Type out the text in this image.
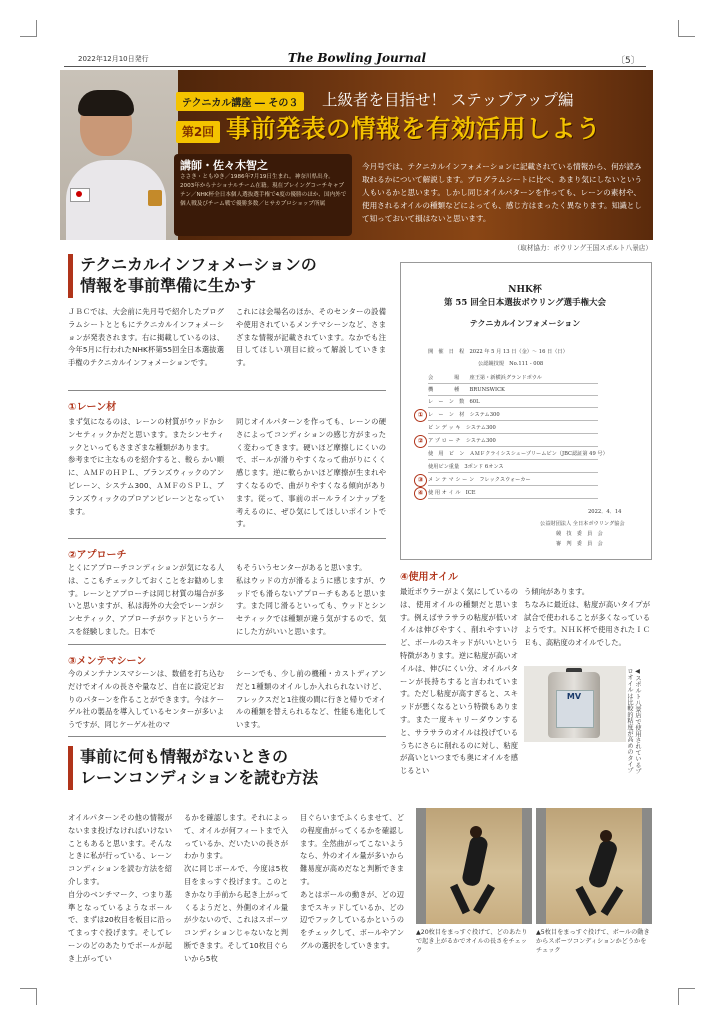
2022年12月10日発行	The Bowling Journal	〔5〕
テクニカル講座 ― その３	上級者を目指せ！ ステップアップ編
第2回 事前発表の情報を有効活用しよう
講師・佐々木智之
ささき・ともゆき／1986年7月19日生まれ。神奈川県出身。2003年からナショナルチーム在籍。現在プレイングコーチキャプテン／NHK杯全日本個人選抜選手権で4度の優勝のほか、国内外で個人戦及びチーム戦で優勝多数／ヒサカプロショップ所属
今月号では、テクニカルインフォメーションに記載されている情報から、何が読み取れるかについて解説します。プログラムシートに比べ、あまり気にしないという人もいるかと思います。しかし同じオイルパターンを作っても、レーンの素材や、使用されるオイルの種類などによっても、感じ方はまったく異なります。知識として知っておいて損はないと思います。
（取材協力：ボウリング王国スポルト八景店）
テクニカルインフォメーションの
情報を事前準備に生かす
ＪＢＣでは、大会前に先月号で紹介したプログラムシートとともにテクニカルインフォメーションが発表されます。右に掲載しているのは、今年5月に行われたNHK杯第55回全日本選抜選手権のテクニカルインフォメーションです。
これには会場名のほか、そのセンターの設備や使用されているメンテマシーンなど、さまざまな情報が記載されています。なかでも注目してほしい項目に絞って解説していきます。
①レーン材
まず気になるのは、レーンの材質がウッドかシンセティックかだと思います。またシンセティックといってもさまざまな種類があります。
参考までに主なものを紹介すると、較ら かい順に、ＡＭＦのＨＰＬ、ブランズウィックのアンビレーン、システム300、ＡＭＦのＳＰＬ、ブランズウィックのプロアンビレーンとなっています。
同じオイルパターンを作っても、レーンの硬さによってコンディションの感じ方がまったく変わってきます。硬いほど摩擦しにくいので、ボールが滑りやすくなって曲がりにくく感じます。逆に軟らかいほど摩擦が生まれやすくなるので、曲がりやすくなる傾向があります。従って、事前のボールラインナップを考えるのに、ぜひ気にしてほしいポイントです。
②アプローチ
とくにアプローチコンディションが気になる人は、ここもチェックしておくことをお勧めします。レーンとアプローチは同じ材質の場合が多いと思いますが、私は海外の大会でレーンがシンセティック、アプローチがウッドというケースを経験しました。日本で
もそういうセンターがあると思います。
私はウッドの方が滑るように感じますが、ウッドでも滑らないアプローチもあると思います。また同じ滑るといっても、ウッドとシンセティックでは種類が違う気がするので、気にした方がいいと思います。
③メンテマシーン
今のメンテナンスマシーンは、数値を打ち込むだけでオイルの長さや量など、自在に設定どおりのパターンを作ることができます。今はケーゲル社の製品を導入しているセンターが多いようですが、同じケーゲル社のマ
シーンでも、少し前の機種・カストディアンだと1種類のオイルしか入れられないけど、フレックスだと1往復の間に行きと帰りでオイルの種類を替えられるなど、性能も進化しています。
NHK杯
第 55 回全日本選抜ボウリング選手権大会
テクニカルインフォメーション
開　催　日　程　2022 年 5 月 13 日（金）～ 16 日（日）
公認競技規　No.111 ‐ 008
会　　　　場　　座王第・新横浜グランドボウル
機　　　　種　　BRUNSWICK
レ　ー　ン　数　60L
レ　ー　ン　材　システム300
ピ ン デ ッ キ　システム300
ア プ ロ ー チ　システム300
使　用　ピ　ン　ＡＭＦクライシスシュープリームピン（JBC認証第 49 号）
使用ピン重量　3ポンド 6オンス
メ ン テ マ シ ー ン　フレックスウォーカー
使 用 オ イ ル　ICE
①
②
③
④
2022．4．14
公益財団法人 全日本ボウリング協会
競　技　委　員　会
審　判　委　員　会
④使用オイル
最近ボウラーがよく気にしているのは、使用オイルの種類だと思います。例えばサラサラの粘度が低いオイルは伸びやすく、削れやすいけど、ボールのスキッドがいいという特徴があります。逆に粘度が高いオイルは、伸びにくい分、オイルパターンが長持ちすると言われています。ただし粘度が高すぎると、スキッドが悪くなるという特徴もあります。また一度キャリーダウンすると、サラサラのオイルは投げているうちにさらに削れるのに対し、粘度が高いといつまでも奥にオイルを感じるとい
う傾向があります。
ちなみに最近は、粘度が高いタイプが試合で使われることが多くなっているようです。ＮＨＫ杯で使用されたＩＣＥも、高粘度のオイルでした。
MV	◀スポルト八景店で使用されているプロオイルは比較的粘度が高めのタイプ
事前に何も情報がないときの
レーンコンディションを読む方法
オイルパターンその他の情報がないまま投げなければいけないこともあると思います。そんなときに私が行っている、レーンコンディションを読む方法を紹介します。
自分のベンチマーク、つまり基準となっているようなボールで、まずは20枚目を板目に沿ってまっすぐ投げます。そしてレーンのどのあたりでボールが起き上がってい
るかを確認します。それによって、オイルが何フィートまで入っているか、だいたいの長さがわかります。
次に同じボールで、今度は5枚目をまっすぐ投げます。このときかなり手前から起き上がってくるようだと、外側のオイル量が少ないので、これはスポーツコンディションじゃないなと判断できます。そして10枚目ぐらいから5枚
目ぐらいまでふくらませて、どの程度曲がってくるかを確認します。全然曲がってこないようなら、外のオイル量が多いから難易度が高めだなと判断できます。
あとはボールの動きが、どの辺までスキッドしているか、どの辺でフックしているかというのをチェックして、ボールやアングルの選択をしていきます。
▲20枚目をまっすぐ投げて、どのあたりで起き上がるかでオイルの長さをチェック
▲5枚目をまっすぐ投げて、ボールの動きからスポーツコンディションかどうかをチェック
